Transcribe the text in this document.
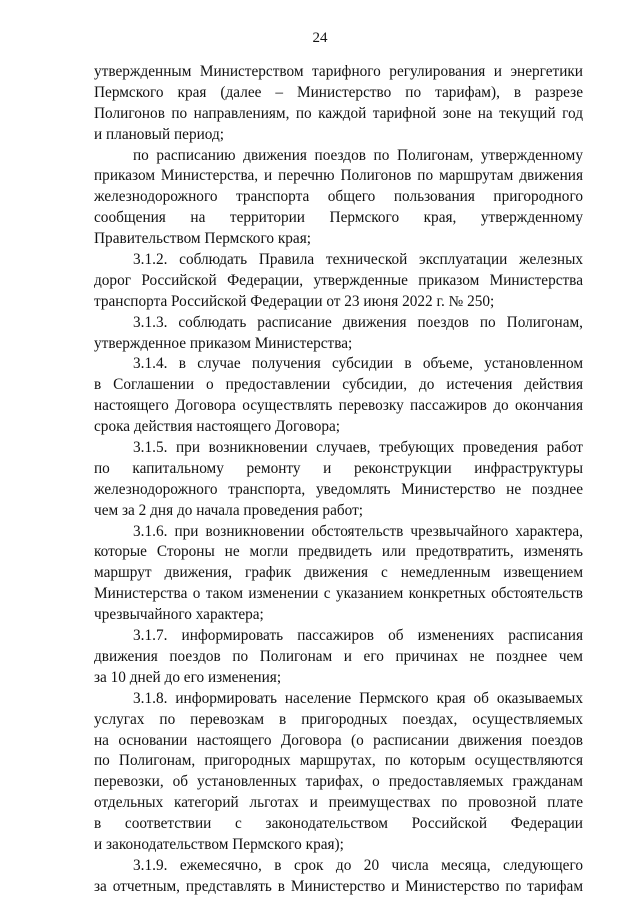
24
утвержденным Министерством тарифного регулирования и энергетики
Пермского края (далее – Министерство по тарифам), в разрезе
Полигонов по направлениям, по каждой тарифной зоне на текущий год
и плановый период;
по расписанию движения поездов по Полигонам, утвержденному
приказом Министерства, и перечню Полигонов по маршрутам движения
железнодорожного транспорта общего пользования пригородного
сообщения на территории Пермского края, утвержденному
Правительством Пермского края;
3.1.2. соблюдать Правила технической эксплуатации железных
дорог Российской Федерации, утвержденные приказом Министерства
транспорта Российской Федерации от 23 июня 2022 г. № 250;
3.1.3. соблюдать расписание движения поездов по Полигонам,
утвержденное приказом Министерства;
3.1.4. в случае получения субсидии в объеме, установленном
в Соглашении о предоставлении субсидии, до истечения действия
настоящего Договора осуществлять перевозку пассажиров до окончания
срока действия настоящего Договора;
3.1.5. при возникновении случаев, требующих проведения работ
по капитальному ремонту и реконструкции инфраструктуры
железнодорожного транспорта, уведомлять Министерство не позднее
чем за 2 дня до начала проведения работ;
3.1.6. при возникновении обстоятельств чрезвычайного характера,
которые Стороны не могли предвидеть или предотвратить, изменять
маршрут движения, график движения с немедленным извещением
Министерства о таком изменении с указанием конкретных обстоятельств
чрезвычайного характера;
3.1.7. информировать пассажиров об изменениях расписания
движения поездов по Полигонам и его причинах не позднее чем
за 10 дней до его изменения;
3.1.8. информировать население Пермского края об оказываемых
услугах по перевозкам в пригородных поездах, осуществляемых
на основании настоящего Договора (о расписании движения поездов
по Полигонам, пригородных маршрутах, по которым осуществляются
перевозки, об установленных тарифах, о предоставляемых гражданам
отдельных категорий льготах и преимуществах по провозной плате
в соответствии с законодательством Российской Федерации
и законодательством Пермского края);
3.1.9. ежемесячно, в срок до 20 числа месяца, следующего
за отчетным, представлять в Министерство и Министерство по тарифам
